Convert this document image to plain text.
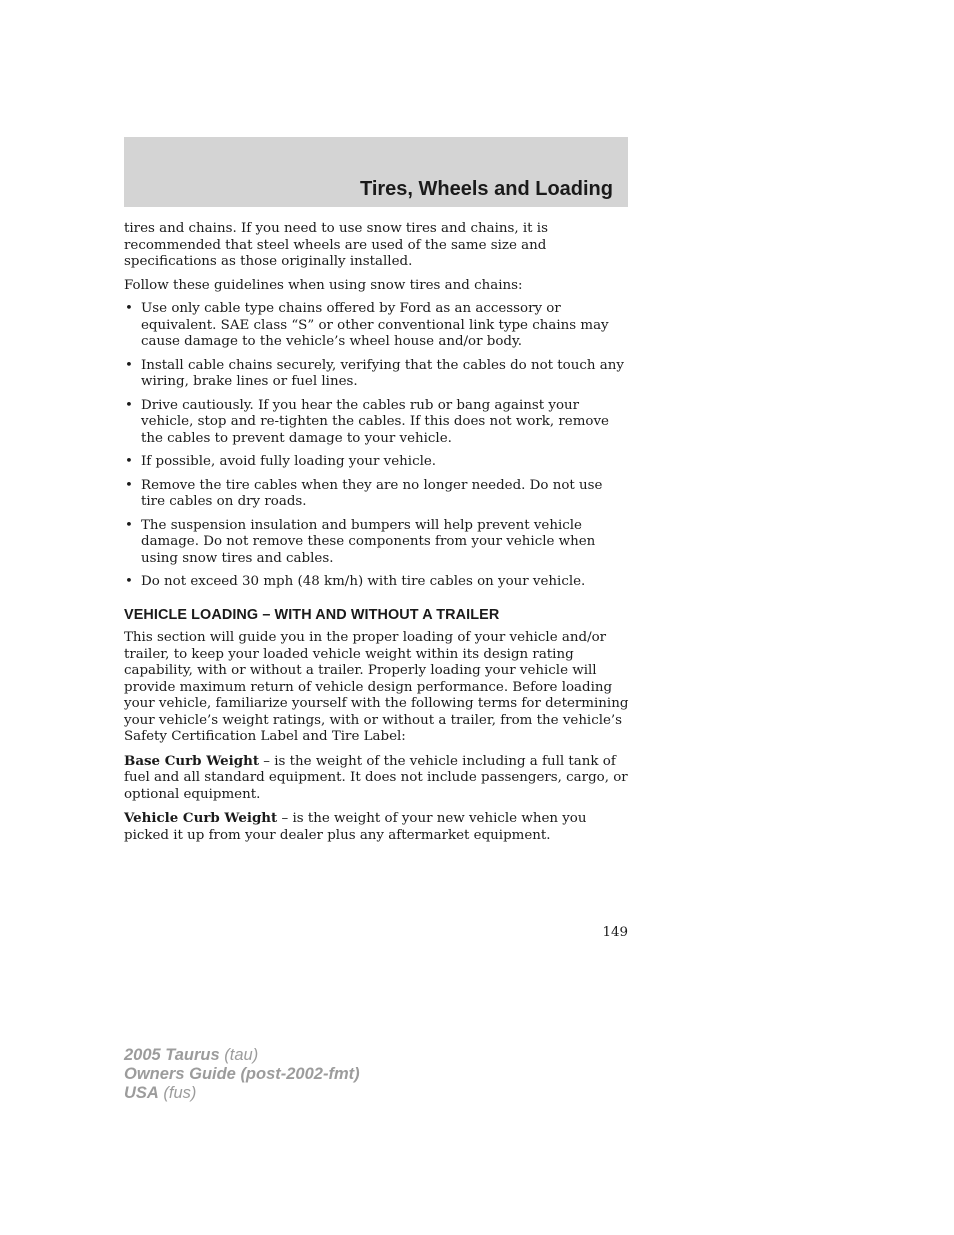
Tires, Wheels and Loading

tires and chains. If you need to use snow tires and chains, it is recommended that steel wheels are used of the same size and specifications as those originally installed.

Follow these guidelines when using snow tires and chains:

• Use only cable type chains offered by Ford as an accessory or equivalent. SAE class “S” or other conventional link type chains may cause damage to the vehicle’s wheel house and/or body.
• Install cable chains securely, verifying that the cables do not touch any wiring, brake lines or fuel lines.
• Drive cautiously. If you hear the cables rub or bang against your vehicle, stop and re-tighten the cables. If this does not work, remove the cables to prevent damage to your vehicle.
• If possible, avoid fully loading your vehicle.
• Remove the tire cables when they are no longer needed. Do not use tire cables on dry roads.
• The suspension insulation and bumpers will help prevent vehicle damage. Do not remove these components from your vehicle when using snow tires and cables.
• Do not exceed 30 mph (48 km/h) with tire cables on your vehicle.
VEHICLE LOADING – WITH AND WITHOUT A TRAILER

This section will guide you in the proper loading of your vehicle and/or trailer, to keep your loaded vehicle weight within its design rating capability, with or without a trailer. Properly loading your vehicle will provide maximum return of vehicle design performance. Before loading your vehicle, familiarize yourself with the following terms for determining your vehicle’s weight ratings, with or without a trailer, from the vehicle’s Safety Certification Label and Tire Label:

Base Curb Weight – is the weight of the vehicle including a full tank of fuel and all standard equipment. It does not include passengers, cargo, or optional equipment.

Vehicle Curb Weight – is the weight of your new vehicle when you picked it up from your dealer plus any aftermarket equipment.

149
2005 Taurus (tau)
Owners Guide (post-2002-fmt)
USA (fus)
